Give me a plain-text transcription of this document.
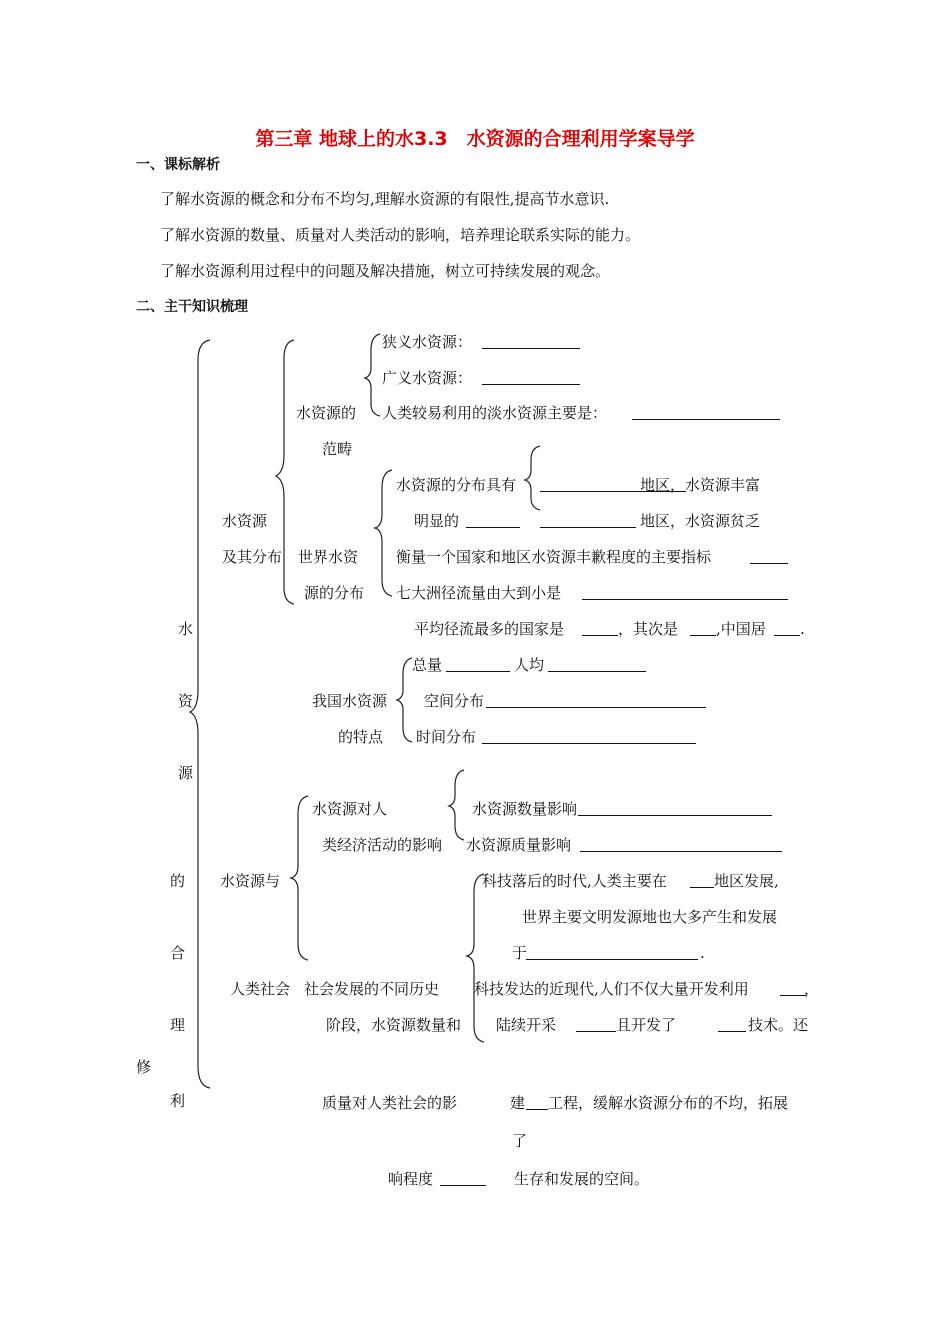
第三章 地球上的水3.3　水资源的合理利用学案导学
一、课标解析
了解水资源的概念和分布不均匀,理解水资源的有限性,提高节水意识.
了解水资源的数量、质量对人类活动的影响，培养理论联系实际的能力。
了解水资源利用过程中的问题及解决措施，树立可持续发展的观念。
二、主干知识梳理
水
资
源
的
合
理
修
利
水资源
及其分布
水资源的
范畴
狭义水资源：
广义水资源：
人类较易利用的淡水资源主要是：
世界水资
源的分布
水资源的分布具有
明显的
地区，水资源丰富
地区，水资源贫乏
衡量一个国家和地区水资源丰歉程度的主要指标
七大洲径流量由大到小是
平均径流最多的国家是	，其次是	,中国居 .
我国水资源
的特点
总量	人均
空间分布
时间分布
水资源与
人类社会
水资源对人
类经济活动的影响
水资源数量影响
水资源质量影响
社会发展的不同历史
阶段，水资源数量和
质量对人类社会的影
响程度
科技落后的时代,人类主要在	地区发展,
世界主要文明发源地也大多产生和发展
于	.
科技发达的近现代,人们不仅大量开发利用	，
陆续开采	且开发了	技术。还
建 工程，缓解水资源分布的不均，拓展
了
生存和发展的空间。
